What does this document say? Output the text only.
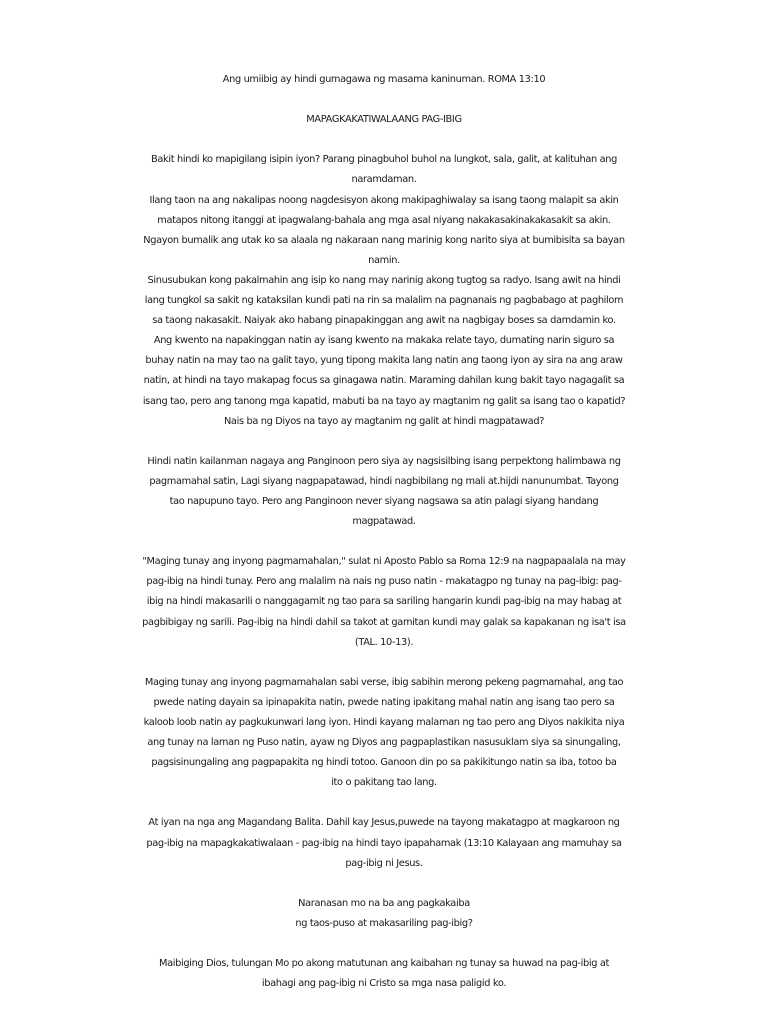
Ang umiibig ay hindi gumagawa ng masama kaninuman. ROMA 13:10

MAPAGKAKATIWALAANG PAG-IBIG

Bakit hindi ko mapigilang isipin iyon? Parang pinagbuhol buhol na lungkot, sala, galit, at kalituhan ang

naramdaman.

Ilang taon na ang nakalipas noong nagdesisyon akong makipaghiwalay sa isang taong malapit sa akin

matapos nitong itanggi at ipagwalang-bahala ang mga asal niyang nakakasakinakakasakit sa akin.

Ngayon bumalik ang utak ko sa alaala ng nakaraan nang marinig kong narito siya at bumibisita sa bayan

namin.

Sinusubukan kong pakalmahin ang isip ko nang may narinig akong tugtog sa radyo. Isang awit na hindi

lang tungkol sa sakit ng kataksilan kundi pati na rin sa malalim na pagnanais ng pagbabago at paghilom

sa taong nakasakit. Naiyak ako habang pinapakinggan ang awit na nagbigay boses sa damdamin ko.

Ang kwento na napakinggan natin ay isang kwento na makaka relate tayo, dumating narin siguro sa

buhay natin na may tao na galit tayo, yung tipong makita lang natin ang taong iyon ay sira na ang araw

natin, at hindi na tayo makapag focus sa ginagawa natin. Maraming dahilan kung bakit tayo nagagalit sa

isang tao, pero ang tanong mga kapatid, mabuti ba na tayo ay magtanim ng galit sa isang tao o kapatid?

Nais ba ng Diyos na tayo ay magtanim ng galit at hindi magpatawad?

Hindi natin kailanman nagaya ang Panginoon pero siya ay nagsisilbing isang perpektong halimbawa ng

pagmamahal satin, Lagi siyang nagpapatawad, hindi nagbibilang ng mali at.hijdi nanunumbat. Tayong

tao napupuno tayo. Pero ang Panginoon never siyang nagsawa sa atin palagi siyang handang

magpatawad.

"Maging tunay ang inyong pagmamahalan," sulat ni Aposto Pablo sa Roma 12:9 na nagpapaalala na may

pag-ibig na hindi tunay. Pero ang malalim na nais ng puso natin - makatagpo ng tunay na pag-ibig: pag-

ibig na hindi makasarili o nanggagamit ng tao para sa sariling hangarin kundi pag-ibig na may habag at

pagbibigay ng sarili. Pag-ibig na hindi dahil sa takot at gamitan kundi may galak sa kapakanan ng isa't isa

(TAL. 10-13).

Maging tunay ang inyong pagmamahalan sabi verse, ibig sabihin merong pekeng pagmamahal, ang tao

pwede nating dayain sa ipinapakita natin, pwede nating ipakitang mahal natin ang isang tao pero sa

kaloob loob natin ay pagkukunwari lang iyon. Hindi kayang malaman ng tao pero ang Diyos nakikita niya

ang tunay na laman ng Puso natin, ayaw ng Diyos ang pagpaplastikan nasusuklam siya sa sinungaling,

pagsisinungaling ang pagpapakita ng hindi totoo. Ganoon din po sa pakikitungo natin sa iba, totoo ba

ito o pakitang tao lang.

At iyan na nga ang Magandang Balita. Dahil kay Jesus,puwede na tayong makatagpo at magkaroon ng

pag-ibig na mapagkakatiwalaan - pag-ibig na hindi tayo ipapahamak (13:10 Kalayaan ang mamuhay sa

pag-ibig ni Jesus.

Naranasan mo na ba ang pagkakaiba

ng taos-puso at makasariling pag-ibig?

Maibiging Dios, tulungan Mo po akong matutunan ang kaibahan ng tunay sa huwad na pag-ibig at

ibahagi ang pag-ibig ni Cristo sa mga nasa paligid ko.
